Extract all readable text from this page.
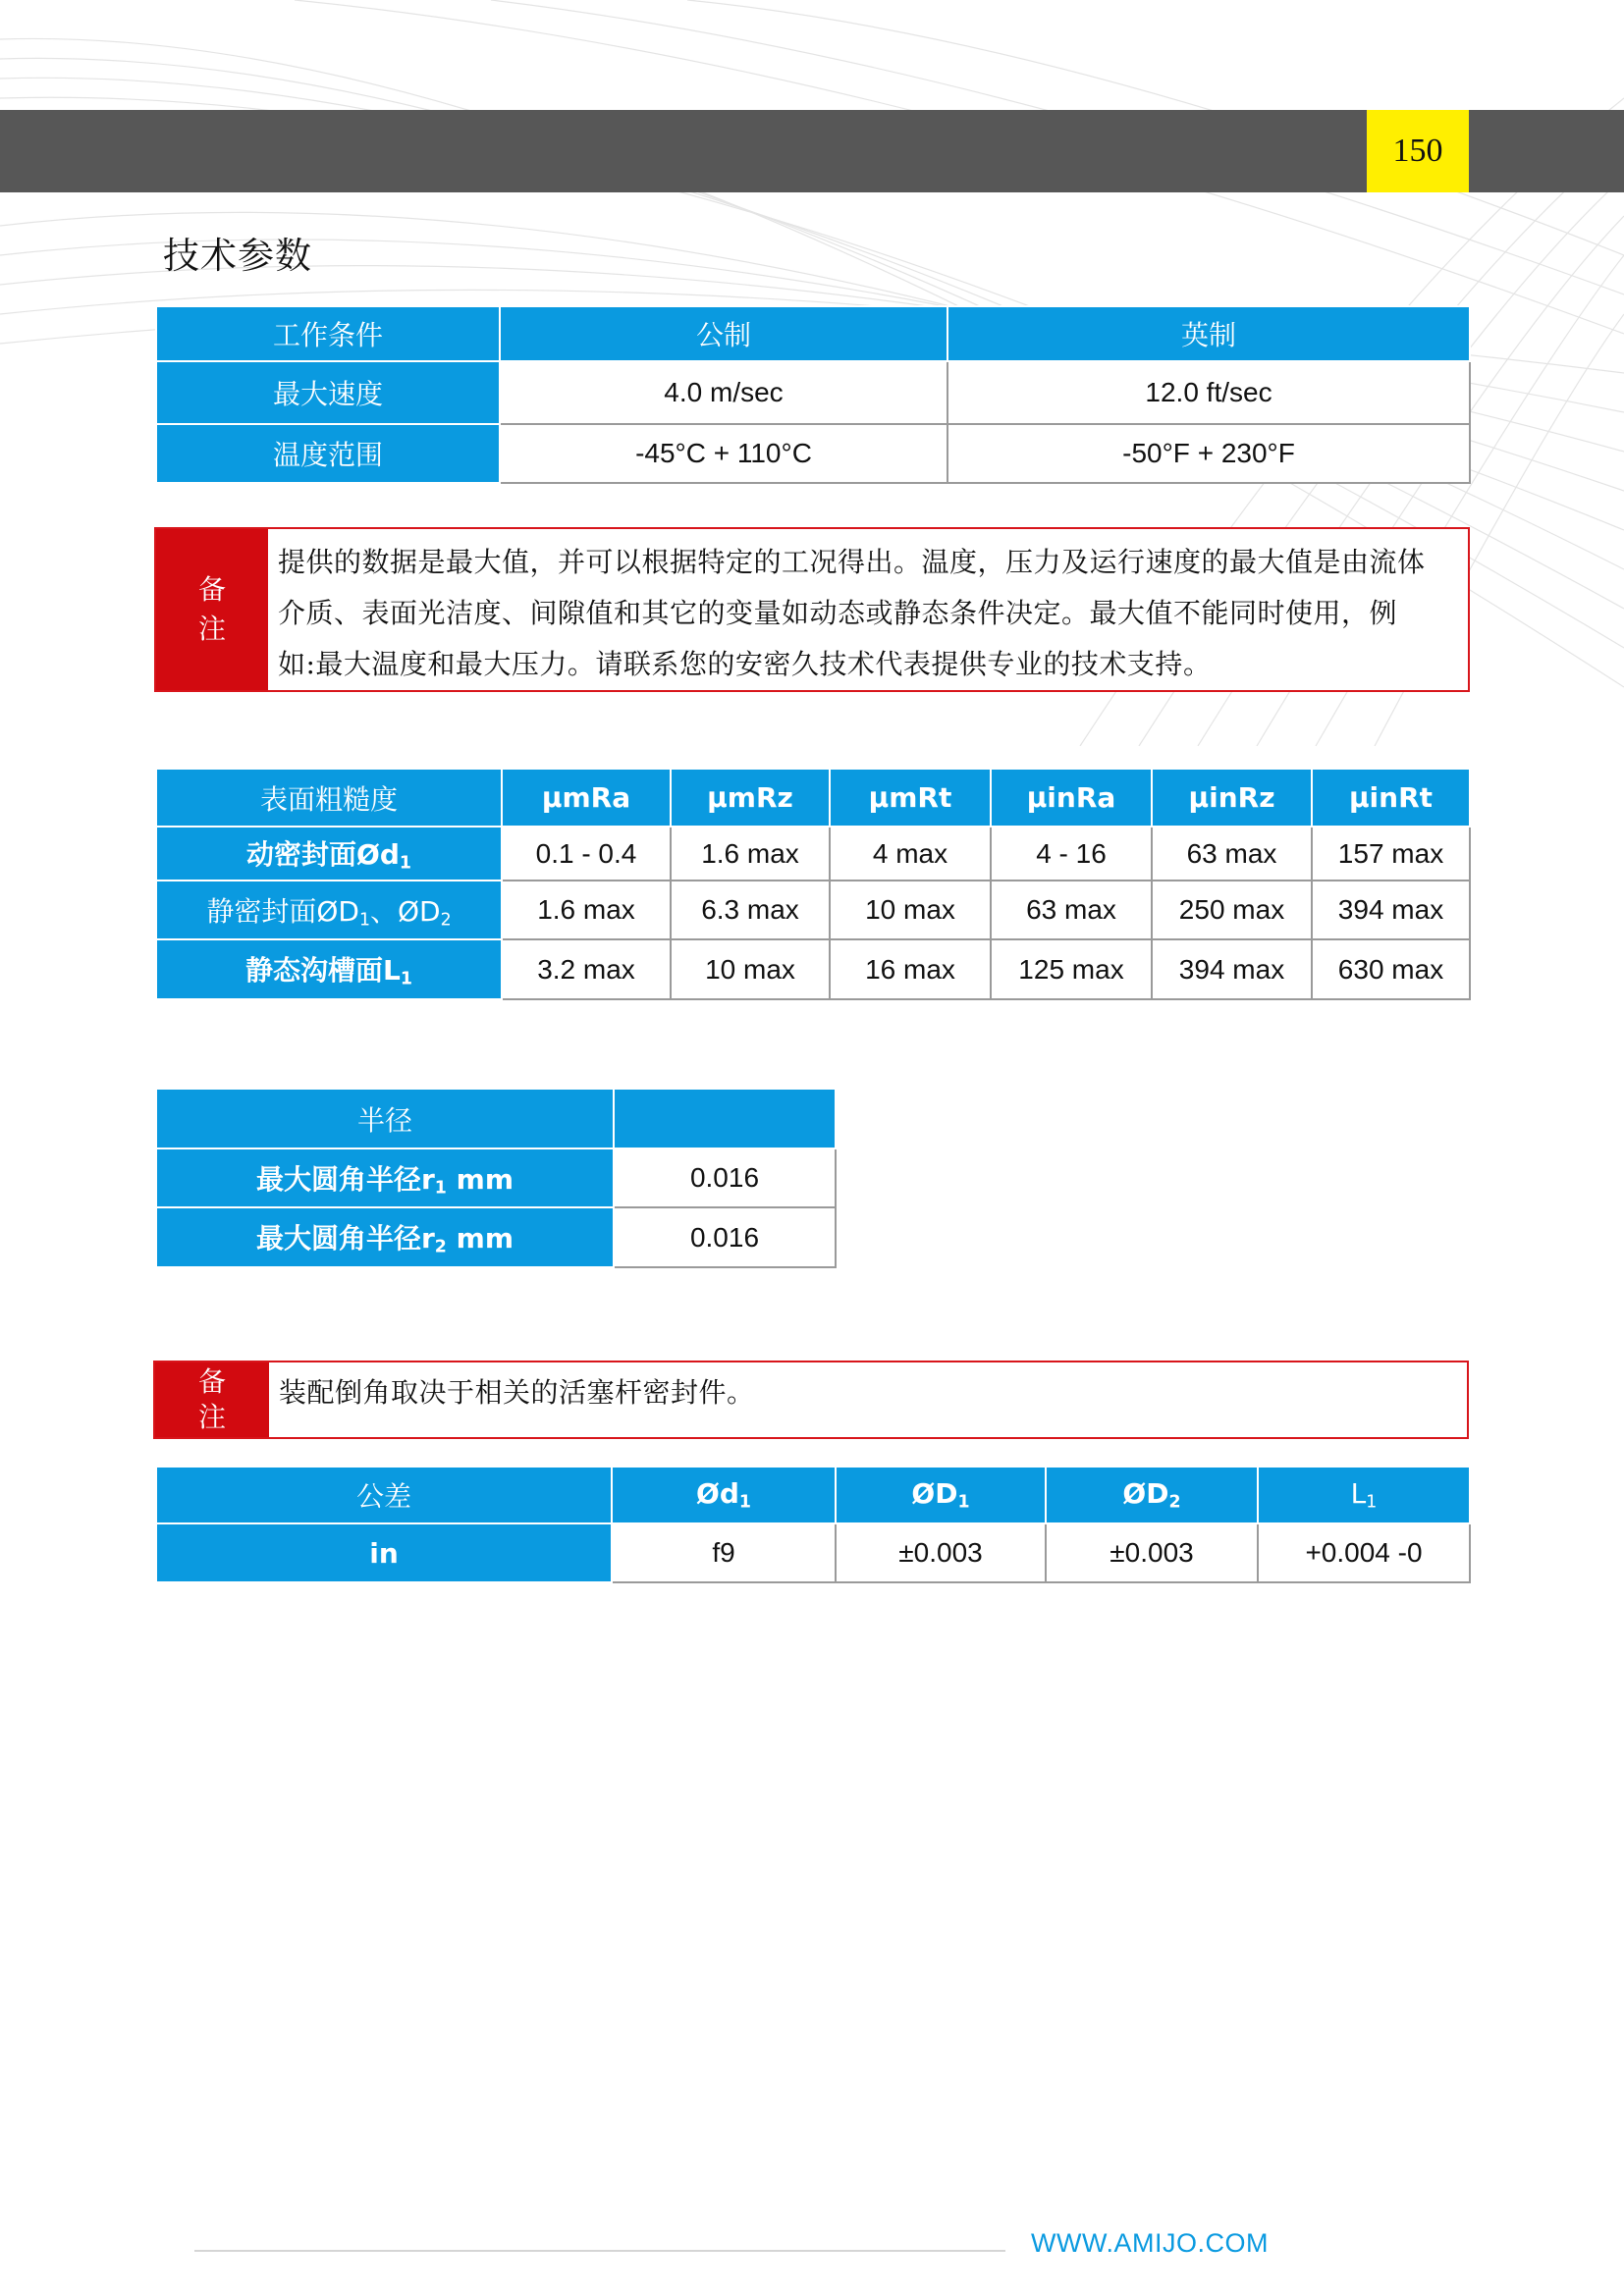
150
技术参数
工作条件	公制	英制
最大速度	4.0 m/sec	12.0 ft/sec
温度范围	-45°C + 110°C	-50°F + 230°F
备
注
提供的数据是最大值，并可以根据特定的工况得出。温度，压力及运行速度的最大值是由流体
介质、表面光洁度、间隙值和其它的变量如动态或静态条件决定。最大值不能同时使用，例
如:最大温度和最大压力。请联系您的安密久技术代表提供专业的技术支持。
表面粗糙度	μmRa	μmRz	μmRt	μinRa	μinRz	μinRt
动密封面$Ød_1$	0.1 - 0.4	1.6 max	4 max	4 - 16	63 max	157 max
静密封面$ØD_1$、$ØD_2$	1.6 max	6.3 max	10 max	63 max	250 max	394 max
静态沟槽面$L_1$	3.2 max	10 max	16 max	125 max	394 max	630 max
半径	
最大圆角半径$r_1$ mm	0.016
最大圆角半径$r_2$ mm	0.016
备
注
装配倒角取决于相关的活塞杆密封件。
公差	$Ød_1$	$ØD_1$	$ØD_2$	$L_1$
in	f9	±0.003	±0.003	+0.004 -0
WWW.AMIJO.COM
